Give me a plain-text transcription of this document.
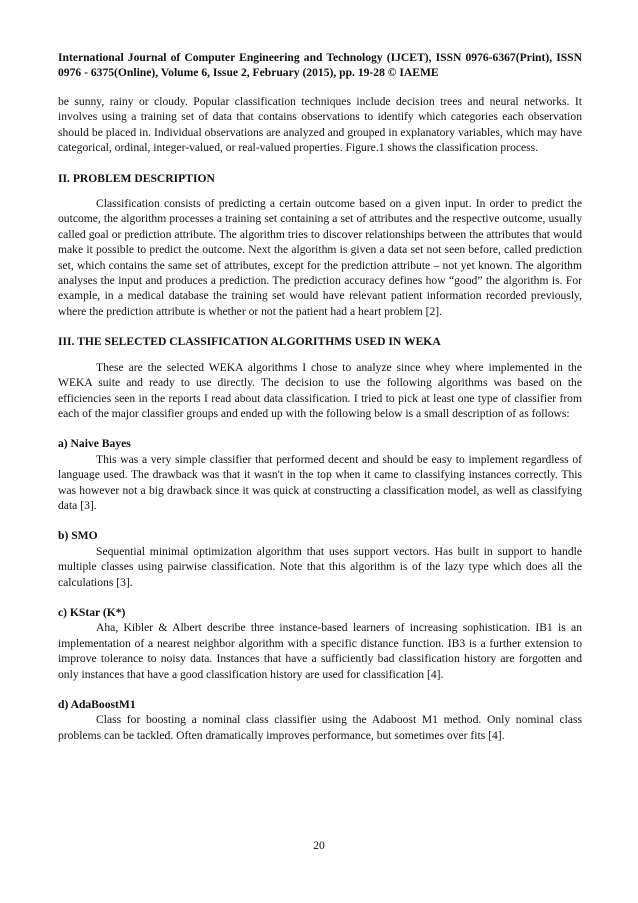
International Journal of Computer Engineering and Technology (IJCET), ISSN 0976-6367(Print), ISSN 0976 - 6375(Online), Volume 6, Issue 2, February (2015), pp. 19-28 © IAEME

be sunny, rainy or cloudy. Popular classification techniques include decision trees and neural networks. It involves using a training set of data that contains observations to identify which categories each observation should be placed in. Individual observations are analyzed and grouped in explanatory variables, which may have categorical, ordinal, integer-valued, or real-valued properties. Figure.1 shows the classification process.

II. PROBLEM DESCRIPTION

Classification consists of predicting a certain outcome based on a given input. In order to predict the outcome, the algorithm processes a training set containing a set of attributes and the respective outcome, usually called goal or prediction attribute. The algorithm tries to discover relationships between the attributes that would make it possible to predict the outcome. Next the algorithm is given a data set not seen before, called prediction set, which contains the same set of attributes, except for the prediction attribute – not yet known. The algorithm analyses the input and produces a prediction. The prediction accuracy defines how “good” the algorithm is. For example, in a medical database the training set would have relevant patient information recorded previously, where the prediction attribute is whether or not the patient had a heart problem [2].

III. THE SELECTED CLASSIFICATION ALGORITHMS USED IN WEKA

These are the selected WEKA algorithms I chose to analyze since whey where implemented in the WEKA suite and ready to use directly. The decision to use the following algorithms was based on the efficiencies seen in the reports I read about data classification. I tried to pick at least one type of classifier from each of the major classifier groups and ended up with the following below is a small description of as follows:

a) Naive Bayes

This was a very simple classifier that performed decent and should be easy to implement regardless of language used. The drawback was that it wasn't in the top when it came to classifying instances correctly. This was however not a big drawback since it was quick at constructing a classification model, as well as classifying data [3].

b) SMO

Sequential minimal optimization algorithm that uses support vectors. Has built in support to handle multiple classes using pairwise classification. Note that this algorithm is of the lazy type which does all the calculations [3].

c) KStar (K*)

Aha, Kibler & Albert describe three instance-based learners of increasing sophistication. IB1 is an implementation of a nearest neighbor algorithm with a specific distance function. IB3 is a further extension to improve tolerance to noisy data. Instances that have a sufficiently bad classification history are forgotten and only instances that have a good classification history are used for classification [4].

d) AdaBoostM1

Class for boosting a nominal class classifier using the Adaboost M1 method. Only nominal class problems can be tackled. Often dramatically improves performance, but sometimes over fits [4].

20
